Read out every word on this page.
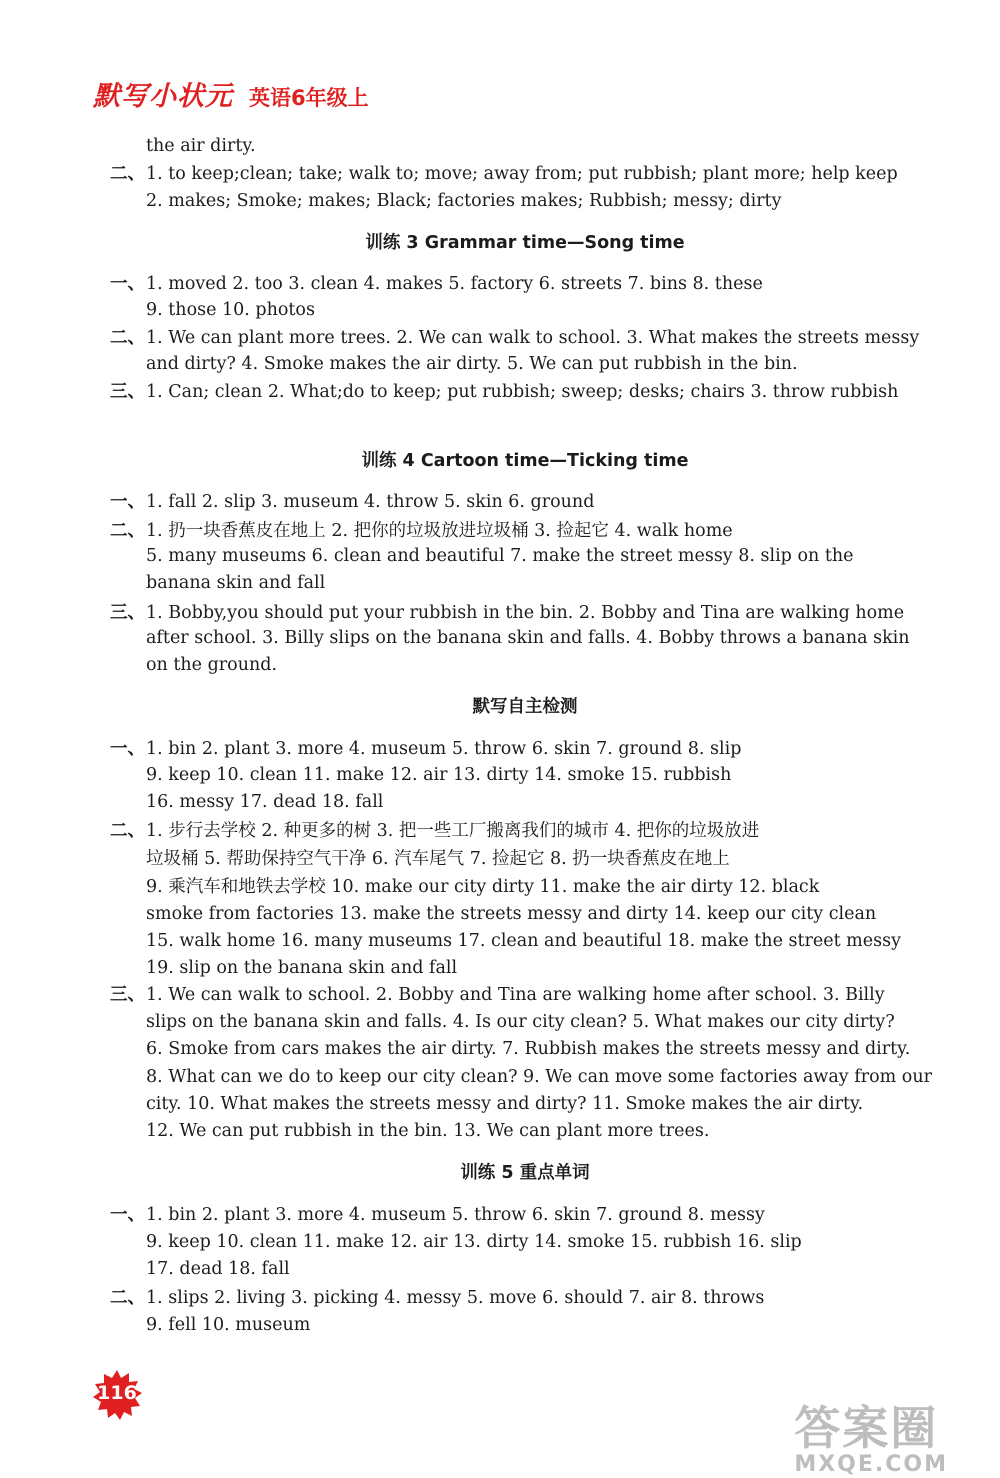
默写小状元 英语6年级上
the air dirty.
二、1. to keep;clean; take; walk to; move; away from; put rubbish; plant more; help keep
2. makes; Smoke; makes; Black; factories makes; Rubbish; messy; dirty
训练 3 Grammar time—Song time
一、1. moved 2. too 3. clean 4. makes 5. factory 6. streets 7. bins 8. these
9. those 10. photos
二、1. We can plant more trees. 2. We can walk to school. 3. What makes the streets messy
and dirty? 4. Smoke makes the air dirty. 5. We can put rubbish in the bin.
三、1. Can; clean 2. What;do to keep; put rubbish; sweep; desks; chairs 3. throw rubbish
训练 4 Cartoon time—Ticking time
一、1. fall 2. slip 3. museum 4. throw 5. skin 6. ground
二、1. 扔一块香蕉皮在地上 2. 把你的垃圾放进垃圾桶 3. 捡起它 4. walk home
5. many museums 6. clean and beautiful 7. make the street messy 8. slip on the
banana skin and fall
三、1. Bobby,you should put your rubbish in the bin. 2. Bobby and Tina are walking home
after school. 3. Billy slips on the banana skin and falls. 4. Bobby throws a banana skin
on the ground.
默写自主检测
一、1. bin 2. plant 3. more 4. museum 5. throw 6. skin 7. ground 8. slip
9. keep 10. clean 11. make 12. air 13. dirty 14. smoke 15. rubbish
16. messy 17. dead 18. fall
二、1. 步行去学校 2. 种更多的树 3. 把一些工厂搬离我们的城市 4. 把你的垃圾放进
垃圾桶 5. 帮助保持空气干净 6. 汽车尾气 7. 捡起它 8. 扔一块香蕉皮在地上
9. 乘汽车和地铁去学校 10. make our city dirty 11. make the air dirty 12. black
smoke from factories 13. make the streets messy and dirty 14. keep our city clean
15. walk home 16. many museums 17. clean and beautiful 18. make the street messy
19. slip on the banana skin and fall
三、1. We can walk to school. 2. Bobby and Tina are walking home after school. 3. Billy
slips on the banana skin and falls. 4. Is our city clean? 5. What makes our city dirty?
6. Smoke from cars makes the air dirty. 7. Rubbish makes the streets messy and dirty.
8. What can we do to keep our city clean? 9. We can move some factories away from our
city. 10. What makes the streets messy and dirty? 11. Smoke makes the air dirty.
12. We can put rubbish in the bin. 13. We can plant more trees.
训练 5 重点单词
一、1. bin 2. plant 3. more 4. museum 5. throw 6. skin 7. ground 8. messy
9. keep 10. clean 11. make 12. air 13. dirty 14. smoke 15. rubbish 16. slip
17. dead 18. fall
二、1. slips 2. living 3. picking 4. messy 5. move 6. should 7. air 8. throws
9. fell 10. museum
116
答案圈
MXQE.COM
